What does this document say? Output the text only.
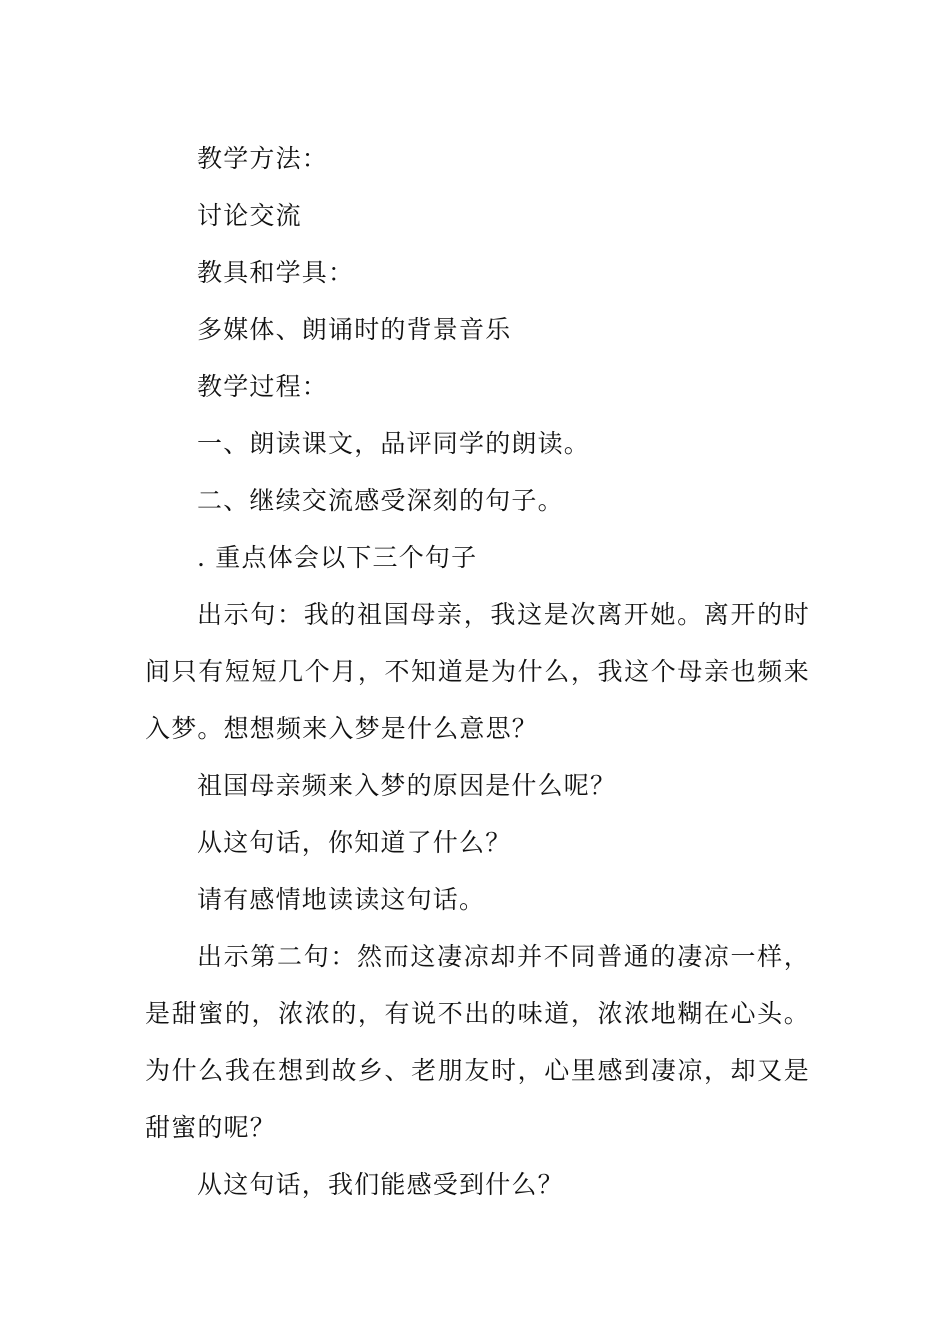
教学方法：

讨论交流

教具和学具：

多媒体、朗诵时的背景音乐

教学过程：

一、朗读课文，品评同学的朗读。

二、继续交流感受深刻的句子。

. 重点体会以下三个句子

出示句：我的祖国母亲，我这是次离开她。离开的时间只有短短几个月，不知道是为什么，我这个母亲也频来入梦。想想频来入梦是什么意思？

祖国母亲频来入梦的原因是什么呢？

从这句话，你知道了什么？

请有感情地读读这句话。

出示第二句：然而这凄凉却并不同普通的凄凉一样，是甜蜜的，浓浓的，有说不出的味道，浓浓地糊在心头。为什么我在想到故乡、老朋友时，心里感到凄凉，却又是甜蜜的呢？

从这句话，我们能感受到什么？
